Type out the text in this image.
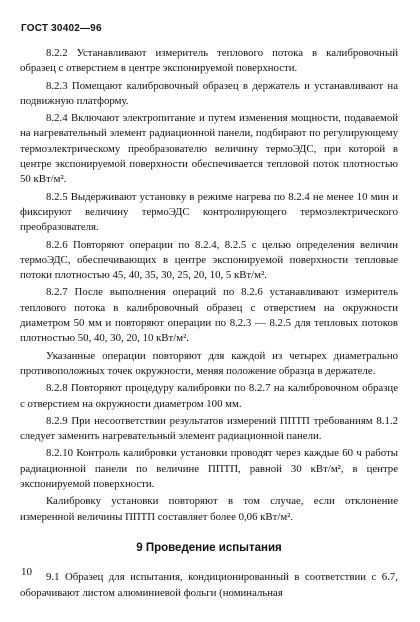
ГОСТ 30402—96

8.2.2 Устанавливают измеритель теплового потока в калибровочный образец с отверстием в центре экспонируемой поверхности.

8.2.3 Помещают калибровочный образец в держатель и устанавливают на подвижную платформу.

8.2.4 Включают электропитание и путем изменения мощности, подаваемой на нагревательный элемент радиационной панели, подбирают по регулирующему термоэлектрическому преобразователю величину термоЭДС, при которой в центре экспонируемой поверхности обеспечивается тепловой поток плотностью 50 кВт/м².

8.2.5 Выдерживают установку в режиме нагрева по 8.2.4 не менее 10 мин и фиксируют величину термоЭДС контролирующего термоэлектрического преобразователя.

8.2.6 Повторяют операции по 8.2.4, 8.2.5 с целью определения величин термоЭДС, обеспечивающих в центре экспонируемой поверхности тепловые потоки плотностью 45, 40, 35, 30, 25, 20, 10, 5 кВт/м².

8.2.7 После выполнения операций по 8.2.6 устанавливают измеритель теплового потока в калибровочный образец с отверстием на окружности диаметром 50 мм и повторяют операции по 8.2.3 — 8.2.5 для тепловых потоков плотностью 50, 40, 30, 20, 10 кВт/м².

Указанные операции повторяют для каждой из четырех диаметрально противоположных точек окружности, меняя положение образца в держателе.

8.2.8 Повторяют процедуру калибровки по 8.2.7 на калибровочном образце с отверстием на окружности диаметром 100 мм.

8.2.9 При несоответствии результатов измерений ППТП требованиям 8.1.2 следует заменить нагревательный элемент радиационной панели.

8.2.10 Контроль калибровки установки проводят через каждые 60 ч работы радиационной панели по величине ППТП, равной 30 кВт/м², в центре экспонируемой поверхности.

Калибровку установки повторяют в том случае, если отклонение измеренной величины ППТП составляет более 0,06 кВт/м².

9 Проведение испытания

9.1 Образец для испытания, кондиционированный в соответствии с 6.7, оборачивают листом алюминиевой фольги (номинальная

10
